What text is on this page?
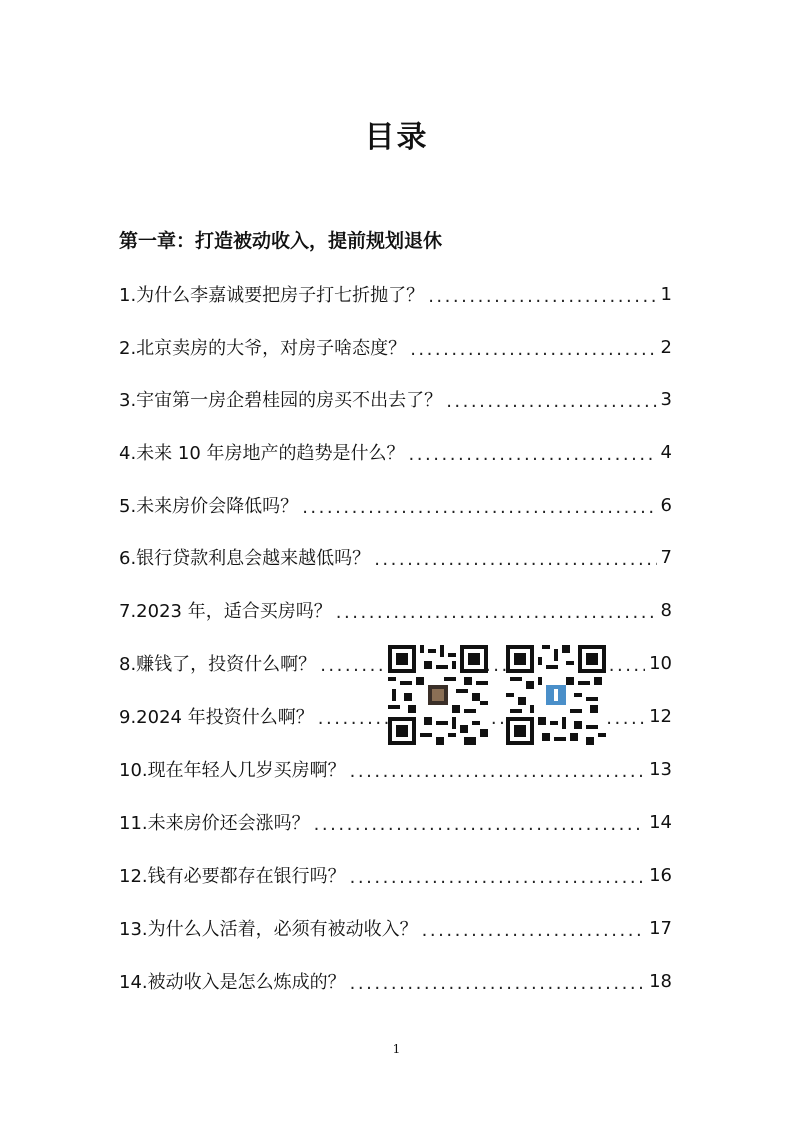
目录
第一章：打造被动收入，提前规划退休
1.为什么李嘉诚要把房子打七折抛了？ . . .	1
2.北京卖房的大爷，对房子啥态度？ . . .	2
3.宇宙第一房企碧桂园的房买不出去了？ . . .	3
4.未来 10 年房地产的趋势是什么？ . . .	4
5.未来房价会降低吗？ . . .	6
6.银行贷款利息会越来越低吗？ . . .	7
7.2023 年，适合买房吗？ . . .	8
8.赚钱了，投资什么啊？ . . .	10
9.2024 年投资什么啊？ . . .	12
10.现在年轻人几岁买房啊？ . . .	13
11.未来房价还会涨吗？ . . .	14
12.钱有必要都存在银行吗？ . . .	16
13.为什么人活着，必须有被动收入？ . . .	17
14.被动收入是怎么炼成的？ . . .	18
1
